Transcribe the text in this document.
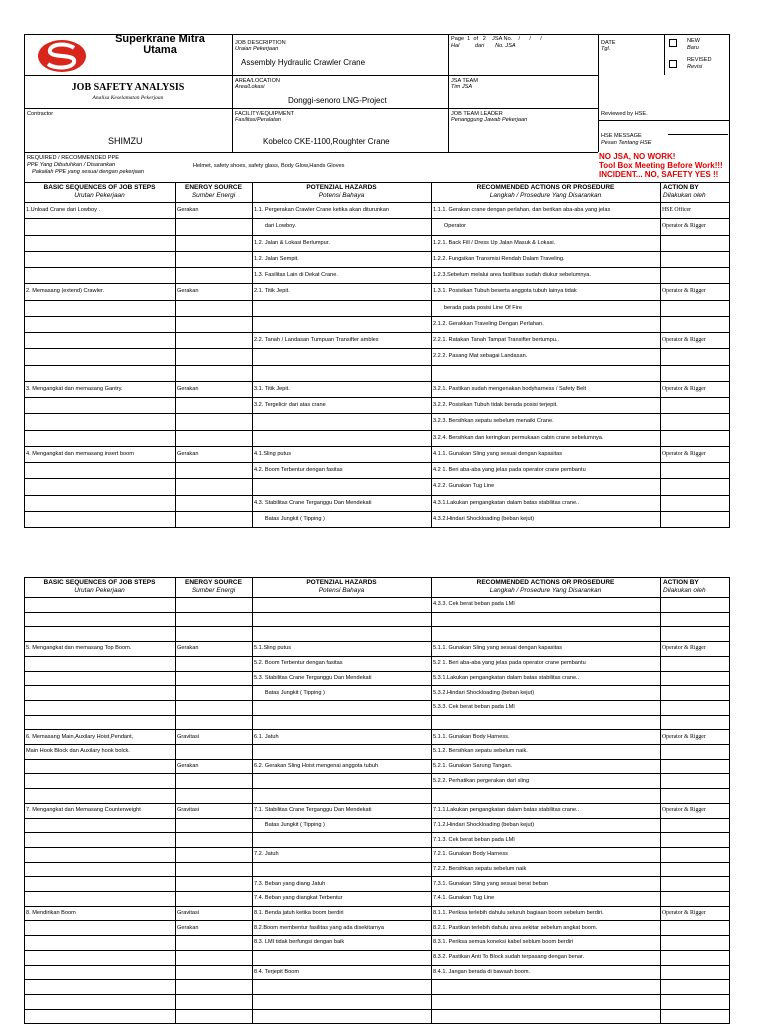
Superkrane Mitra
Utama
JOB SAFETY ANALYSIS
Analisa Keselamatan Pekerjaan
JOB DESCRIPTION
Uraian Pekerjaan
Assembly Hydraulic Crawler Crane
Page  1  of   2    JSA No.    /      /      /
Hal          dari       No. JSA	DATE
Tgl.
NEW
Baru
REVISED
Revisi
AREA/LOCATION
Area/Lokasi
Donggi-senoro LNG-Project
JSA TEAM
Tim JSA
Contractor
SHIMZU
FACILITY/EQUIPMENT
Fasilitas/Peralatan
Kobelco CKE-1100,Roughter Crane
JOB TEAM LEADER
Penanggung Jawab Pekerjaan
Reviewed by HSE.
HSE MESSAGE
Pesan Tentang HSE
REQUIRED / RECOMMENDED PPE
PPE Yang Dibutuhkan / Disarankan
Pakailah PPE yang sesuai dengan pekerjaan
Helmet, safety shoes, safety glass, Body Glow,Hands Gloves
NO JSA, NO WORK!
Tool Box Meeting Before Work!!!
INCIDENT... NO, SAFETY YES !!
BASIC SEQUENCES OF JOB STEPS
Urutan Pekerjaan
ENERGY SOURCE
Sumber Energi
POTENZIAL HAZARDS
Potensi Bahaya
RECOMMENDED ACTIONS OR PROSEDURE
Langkah / Prosedure Yang Disarankan
ACTION BY
Dilakukan oleh
1.Unload Crane dari Lowboy .	Gerakan	1.1. Pergerakan Crawler Crane ketika akan diturunkan	1.1.1. Gerakan crane dengan perlahan, dan berikan aba-aba yang jelas	HSE Officer
dari Lowboy.	Operator	Operator & Rigger
1.2. Jalan & Lokasi Berlumpur.	1.2.1. Back Fill / Dress Up Jalan Masuk & Lokasi.
1.2. Jalan Sempit.	1.2.2. Fungsikan Transmisi Rendah Dalam Traveling.
1.3. Fasilitas Lain di Dekat Crane.	1.2.3.Sebelum melalui area fasilitsas sudah diukur sebelumnya.
2. Memasang (extend) Crawler.	Gerakan	2.1. Titik Jepit.	1.3.1. Posisikan Tubuh beserta anggota tubuh lainya tidak	Operator & Rigger
berada pada posisi Line Of Fire
2.1.2. Gerakkan Traveling Dengan Perlahan.
2.2. Tanah / Landasan Tumpuan Transifter ambles	2.2.1. Ratakan Tanah Tampat Transifter bertumpu..	Operator & Rigger
2.2.2. Pasang Mat sebagai Landasan.
3. Mengangkat dan memasang Gantry.	Gerakan	3.1. Titik Jepit.	3.2.1. Pastikan sudah mengenakan bodyharness / Safety Belt	Operator & Rigger
3.2. Tergelicir dari atas crane	3.2.2. Posisikan Tubuh tidak berada posisi terjepit.
3.2.3. Bersihkan sepatu sebelum menaiki Crane.
3.2.4. Bersihkan dan keringkan permukaan cabin crane sebelumnya.
4. Mengangkat dan memasang insert boom	Gerakan	4.1.Sling putus	4.1.1. Gunakan Sling yang sesuai dengan kapasitas	Operator & Rigger
4.2. Boom Terbentur dengan fasitas	4.2 1. Beri aba-aba yang jelas pada operator crane pembantu
4.2.2. Gunakan Tug Line
4.3. Stabilitas Crane Terganggu Dan Mendekati	4.3.1.Lakukan pengangkatan dalam batas stabilitas crane..
Batas Jungkit ( Tipping )	4.3.2.Hindari Shockloading (beban kejut)
BASIC SEQUENCES OF JOB STEPS
Urutan Pekerjaan
ENERGY SOURCE
Sumber Energi
POTENZIAL HAZARDS
Potensi Bahaya
RECOMMENDED ACTIONS OR PROSEDURE
Langkah / Prosedure Yang Disarankan
ACTION BY
Dilakukan oleh
4.3.3. Cek berat beban pada LMI
5. Mengangkat dan memasang Top Boom.	Gerakan	5.1.Sling putus	5.1.1. Gunakan Sling yang sesuai dengan kapasitas	Operator & Rigger
5.2. Boom Terbentur dengan fasitas	5.2 1. Beri aba-aba yang jelas pada operator crane pembantu
5.3. Stabilitas Crane Terganggu Dan Mendekati	5.3.1.Lakukan pengangkatan dalam batas stabilitas crane..
Batas Jungkit ( Tipping )	5.3.2.Hindari Shockloading (beban kejut)
5.3.3. Cek berat beban pada LMI
6. Memasang Main,Auxilary Hoist,Pendant,	Gravitasi	6.1. Jatuh	5.1.1. Gunakan Body Harness.	Operator & Rigger
Main Hook Block dan Auxilary hook bolck.	5.1.2. Bersihkan sepatu sebelum naik.
Gerakan	6.2. Gerakan Sling Hoist mengenai anggota tubuh	5.2.1. Gunakan Sarung Tangan.
5.2.2. Perhatikan pergerakan dari sling
7. Mengangkat dan Memasang Counterweight	Gravitasi	7.1. Stabilitas Crane Terganggu Dan Mendekati	7.1.1.Lakukan pengangkatan dalam batas stabilitas crane..	Operator & Rigger
Batas Jungkit ( Tipping )	7.1.2.Hindari Shockloading (beban kejut)
7.1.3. Cek berat beban pada LMI
7.2. Jatuh	7.2.1. Gunakan Body Harness
7.2.2. Bersihkan sepatu sebelum naik
7.3. Beban yang diang Jatuh	7.3.1. Gunakan Sling yang sesuai berat beban
7.4. Beban yang diangkat Terbentur	7.4.1. Gunakan Tug Line
8. Mendirikan Boom	Gravitasi	8.1. Benda jatuh ketika boom berdiri	8.1.1. Periksa terlebih dahulu seluruh bagiaan boom sebelum berdiri.	Operator & Rigger
Gerakan	8.2.Boom membentur fasilitas yang ada disekitarnya	8.2.1. Pastikan terlebih dahulu area sekitar sebelum angkat boom.
8.3. LMI tidak berfungsi dengan baik	8.3.1. Periksa semua koneksi kabel seblum boom berdiri
8.3.2. Pastikan Anti To Block sudah terpasang dengan benar.
8.4. Terjepit Boom	8.4.1. Jangan berada di bawaah boom.
